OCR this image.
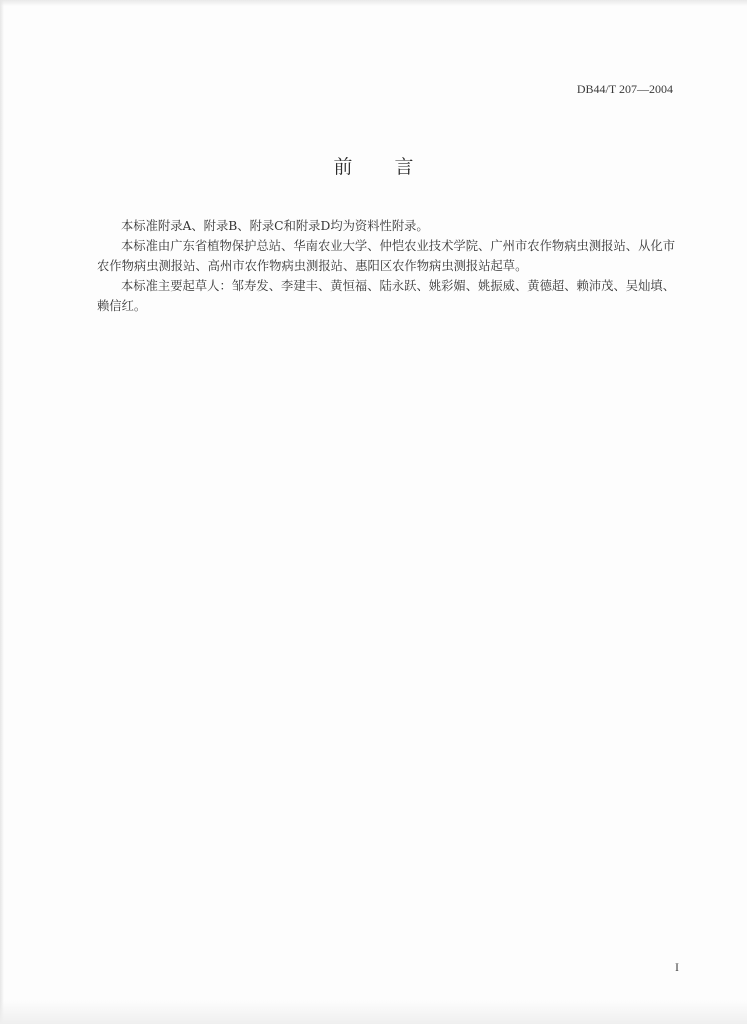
DB44/T 207—2004
前 言

本标准附录A、附录B、附录C和附录D均为资料性附录。

本标准由广东省植物保护总站、华南农业大学、仲恺农业技术学院、广州市农作物病虫测报站、从化市农作物病虫测报站、高州市农作物病虫测报站、惠阳区农作物病虫测报站起草。

本标准主要起草人：邹寿发、李建丰、黄恒福、陆永跃、姚彩媚、姚振威、黄德超、赖沛茂、吴灿填、赖信红。

I
